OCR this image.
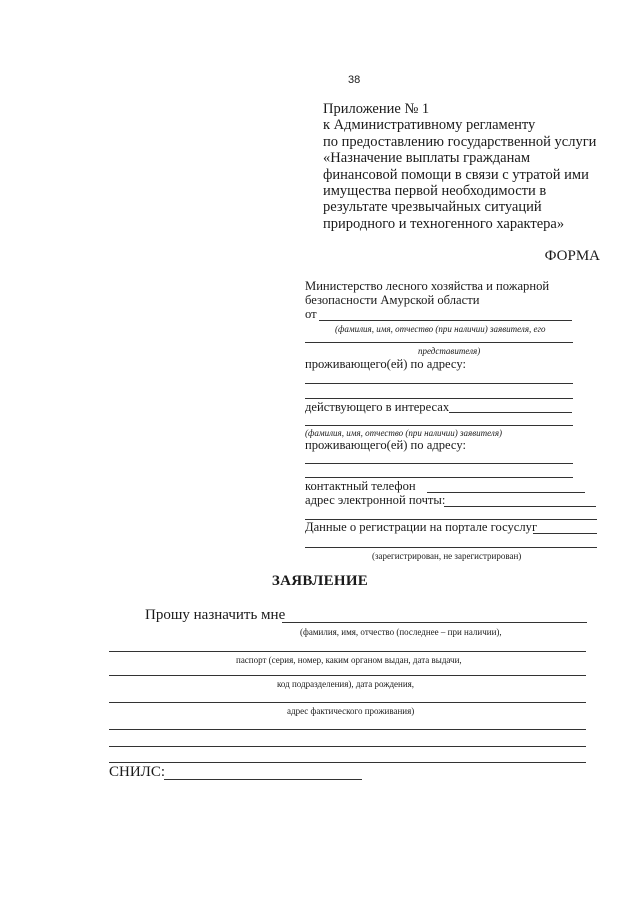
38
Приложение № 1
к Административному регламенту
по предоставлению государственной услуги
«Назначение выплаты гражданам
финансовой помощи в связи с утратой ими
имущества первой необходимости в
результате чрезвычайных ситуаций
природного и техногенного характера»
ФОРМА
Министерство лесного хозяйства и пожарной
безопасности Амурской области
от
(фамилия, имя, отчество (при наличии) заявителя, его
представителя)
проживающего(ей) по адресу:
действующего в интересах
(фамилия, имя, отчество (при наличии) заявителя)
проживающего(ей) по адресу:
контактный телефон
адрес электронной почты:
Данные о регистрации на портале госуслуг
(зарегистрирован, не зарегистрирован)
ЗАЯВЛЕНИЕ
Прошу назначить мне
(фамилия, имя, отчество (последнее – при наличии),
паспорт (серия, номер, каким органом выдан, дата выдачи,
код подразделения), дата рождения,
адрес фактического проживания)
СНИЛС:
